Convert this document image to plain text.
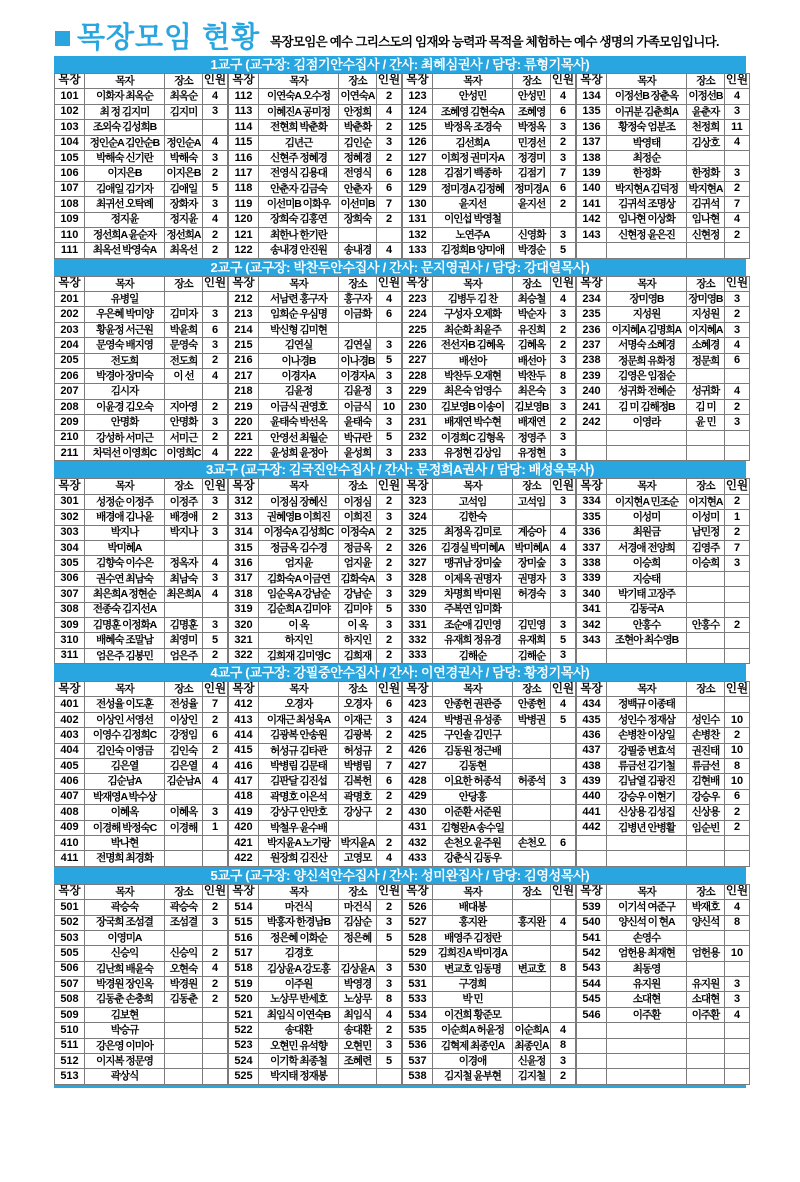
목장모임 현황 목장모임은 예수 그리스도의 임재와 능력과 목적을 체험하는 예수 생명의 가족모임입니다.
1교구 (교구장: 김점기안수집사 / 간사: 최혜심권사 / 담당: 류형기목사)
목장	목자	장소	인원
101	이화자 최옥순	최옥순	4
102	최 정 김지미	김지미	3
103	조외숙 김성희B		
104	정인순A 김안순B	정인순A	4
105	박해숙 신기란	박해숙	3
106	이지은B	이지은B	2
107	김애일 김기자	김애일	5
108	최귀선 오탁례	장화자	3
109	정지윤	정지윤	4
110	정선희A 윤순자	정선희A	2
111	최옥선 박영숙A	최옥선	2
목장	목자	장소	인원
112	이연숙A 오수정	이연숙A	2
113	이혜진A 공미정	안정희	4
114	전현희 박춘화	박춘화	2
115	김년근	김인순	3
116	신현주 정혜경	정혜경	2
117	전영식 김용대	전영식	6
118	안춘자 김금숙	안춘자	6
119	이선미B 이화우	이선미B	7
120	장희숙 김홍연	장희숙	2
121	최한나 한기란		
122	송내경 안진원	송내경	4
목장	목자	장소	인원
123	안성민	안성민	4
124	조혜영 김현숙A	조혜영	6
125	박정옥 조경숙	박정옥	3
126	김선희A	민경선	2
127	이희정 권미자A	정경미	3
128	김점기 백종하	김점기	7
129	정미경A 김정혜	정미경A	6
130	윤지선	윤지선	2
131	이인섭 박영철		
132	노연주A	신영화	3
133	김정희B 양미애	박경순	5
목장	목자	장소	인원
134	이정선B 장춘옥	이정선B	4
135	이귀분 김춘희A	윤춘자	3
136	황정숙 엄분조	천정희	11
137	박영태	김상호	4
138	최정순		
139	한정화	한정화	3
140	박지현A 김덕정	박지현A	2
141	김귀석 조명상	김귀석	7
142	임나현 이상화	임나현	4
143	신현정 윤은진	신현정	2

2교구 (교구장: 박찬두안수집사 / 간사: 문지영권사 / 담당: 강대열목사)
목장	목자	장소	인원
201	유병일		
202	우은혜 박미양	김미자	3
203	황윤정 서근원	박윤희	6
204	문영숙 배지영	문영숙	3
205	전도희	전도희	2
206	박경아 장미숙	이 선	4
207	김시자		
208	이윤경 김오숙	지아영	2
209	안명화	안명화	3
210	강성하 서미근	서미근	2
211	차덕선 이영희C	이영희C	4
목장	목자	장소	인원
212	서남련 홍구자	홍구자	4
213	임희순 우심명	이금화	6
214	박신형 김미현		
215	김연실	김연실	3
216	이나경B	이나경B	5
217	이경자A	이경자A	3
218	김윤정	김윤정	3
219	이금식 권영호	이금식	10
220	윤태숙 박선옥	윤태숙	3
221	안영선 최월순	박규란	5
222	윤성희 윤정아	윤성희	3
목장	목자	장소	인원
223	김병두 김 찬	최승철	4
224	구성자 오제화	박순자	3
225	최순화 최윤주	유진희	2
226	전선자B 김혜옥	김혜옥	2
227	배선아	배선아	3
228	박찬두 오재현	박찬두	8
229	최은숙 엄영수	최은숙	3
230	김보영B 이송이	김보영B	3
231	배재연 박수현	배재연	2
232	이경희C 김형옥	정영주	3
233	유정현 김상임	유정현	3
목장	목자	장소	인원
234	장미영B	장미영B	3
235	지성원	지성원	2
236	이지혜A 김명희A	이지혜A	3
237	서명숙 소혜경	소혜경	4
238	정문희 유화정	정문희	6
239	김영은 임점순		
240	성귀화 전혜순	성귀화	4
241	김 미 김해정B	김 미	2
242	이영라	윤 민	3

3교구 (교구장: 김국진안수집사 / 간사: 문정희A권사 / 담당: 배성옥목사)
목장	목자	장소	인원
301	성정순 이정주	이정주	3
302	배경애 김나윤	배경애	2
303	박지나	박지나	3
304	박미혜A		
305	김향숙 이수은	정옥자	4
306	권수연 최남숙	최남숙	3
307	최은희A 정현순	최은희A	4
308	전종숙 김지선A		
309	김명훈 이정화A	김명훈	3
310	배혜숙 조말남	최영미	5
311	엄은주 김봉민	엄은주	2
목장	목자	장소	인원
312	이정심 장혜신	이정심	2
313	권혜영B 이희진	이희진	3
314	이정숙A 김성희C	이정숙A	2
315	정금옥 김수경	정금옥	2
316	엄지윤	엄지윤	2
317	김화숙A 이금연	김화숙A	3
318	임순옥A 강남순	강남순	3
319	김순희A 김미야	김미야	5
320	이 옥	이 옥	3
321	하지인	하지인	2
322	김희재 김미영C	김희재	2
목장	목자	장소	인원
323	고석임	고석임	3
324	김한숙		
325	최정옥 김미로	계승아	4
326	김경실 박미혜A	박미혜A	4
327	맹귀남 장미숲	장미숲	3
328	이제옥 권명자	권명자	3
329	차명희 박미원	허경숙	3
330	주복연 임미화		
331	조순애 김민영	김민영	3
332	유재희 정유경	유재희	5
333	김해순	김해순	3
목장	목자	장소	인원
334	이지현A 민조순	이지현A	2
335	이성미	이성미	1
336	최원금	남민정	2
337	서경애 전양희	김영주	7
338	이승희	이승희	3
339	지승태		
340	박기태 고장주		
341	김동국A		
342	안홍수	안홍수	2
343	조현아 최수영B		

4교구 (교구장: 강필중안수집사 / 간사: 이연경권사 / 담당: 황정기목사)
목장	목자	장소	인원
401	전성율 이도훈	전성율	7
402	이상인 서영선	이상인	2
403	이영수 김정희C	강정임	6
404	김인숙 이영금	김인숙	2
405	김은열	김은열	4
406	김순남A	김순남A	4
407	박재영A 박수상		
408	이혜옥	이혜옥	3
409	이경해 박정숙C	이경해	1
410	박나현		
411	전명희 최경화		
목장	목자	장소	인원
412	오경자	오경자	6
413	이재근 최성욱A	이재근	3
414	김광복 안송원	김광복	2
415	허성규 김타관	허성규	2
416	박병림 김문태	박병림	7
417	김판달 김진섭	김복헌	6
418	곽명호 이은석	곽명호	2
419	강상구 안만호	강상구	2
420	박철우 윤수배		
421	박지윤A 노기랑	박지윤A	2
422	원장희 김진산	고영모	4
목장	목자	장소	인원
423	안종헌 권관증	안종헌	4
424	박병권 유성종	박병권	5
425	구인솔 김민구		
426	김동원 정근배		
427	김동현		
428	이요한 허종석	허종석	3
429	안당홍		
430	이준환 서준원		
431	김형완A 송수일		
432	손천오 윤주원	손천오	6
433	강춘식 김동우		
목장	목자	장소	인원
434	정백규 이종태		
435	성인수 정재삼	성인수	10
436	손병찬 이상일	손병찬	2
437	강필중 변효석	권진태	10
438	류금선 김기철	류금선	8
439	김남열 김광진	김현배	10
440	강승우 이현기	강승우	6
441	신상용 김성집	신상용	2
442	김병년 안병활	임순빈	2

5교구 (교구장: 양신석안수집사 / 간사: 성미완집사 / 담당: 김영성목사)
목장	목자	장소	인원
501	곽승숙	곽승숙	2
502	장국희 조섬결	조섬결	3
503	이영미A		
505	신승익	신승익	2
506	김난희 배윤숙	오현숙	4
507	박경원 장인옥	박경원	2
508	김동춘 손충희	김동춘	2
509	김보현		
510	박승규		
511	강은영 이미아		
512	이지복 정문영		
513	곽상식		
목장	목자	장소	인원
514	마건식	마건식	2
515	박홍자 한경남B	김삼순	3
516	정은혜 이화순	정은혜	5
517	김경호		
518	김상윤A 강도홍	김상윤A	3
519	이주원	박영경	3
520	노상무 반세호	노상무	8
521	최임식 이연숙B	최임식	4
522	송대환	송대환	2
523	오현민 유석향	오현민	3
524	이기학 최종철	조혜련	5
525	박지태 정재봉		
목장	목자	장소	인원
526	배대봉		
527	홍지완	홍지완	4
528	배영주 김정란		
529	김희진A 박미경A		
530	변교호 임동명	변교호	8
531	구경희		
533	박 민		
534	이건희 황준모		
535	이순희A 허윤정	이순희A	4
536	김혁제 최종인A	최종인A	8
537	이경애	신윤정	3
538	김지철 윤부현	김지철	2
목장	목자	장소	인원
539	이기석 여준구	박재호	4
540	양신석 이 현A	양신석	8
541	손영수		
542	엄헌용 최재현	엄헌용	10
543	최동영		
544	유지원	유지원	3
545	소대현	소대현	3
546	이주환	이주환	4
